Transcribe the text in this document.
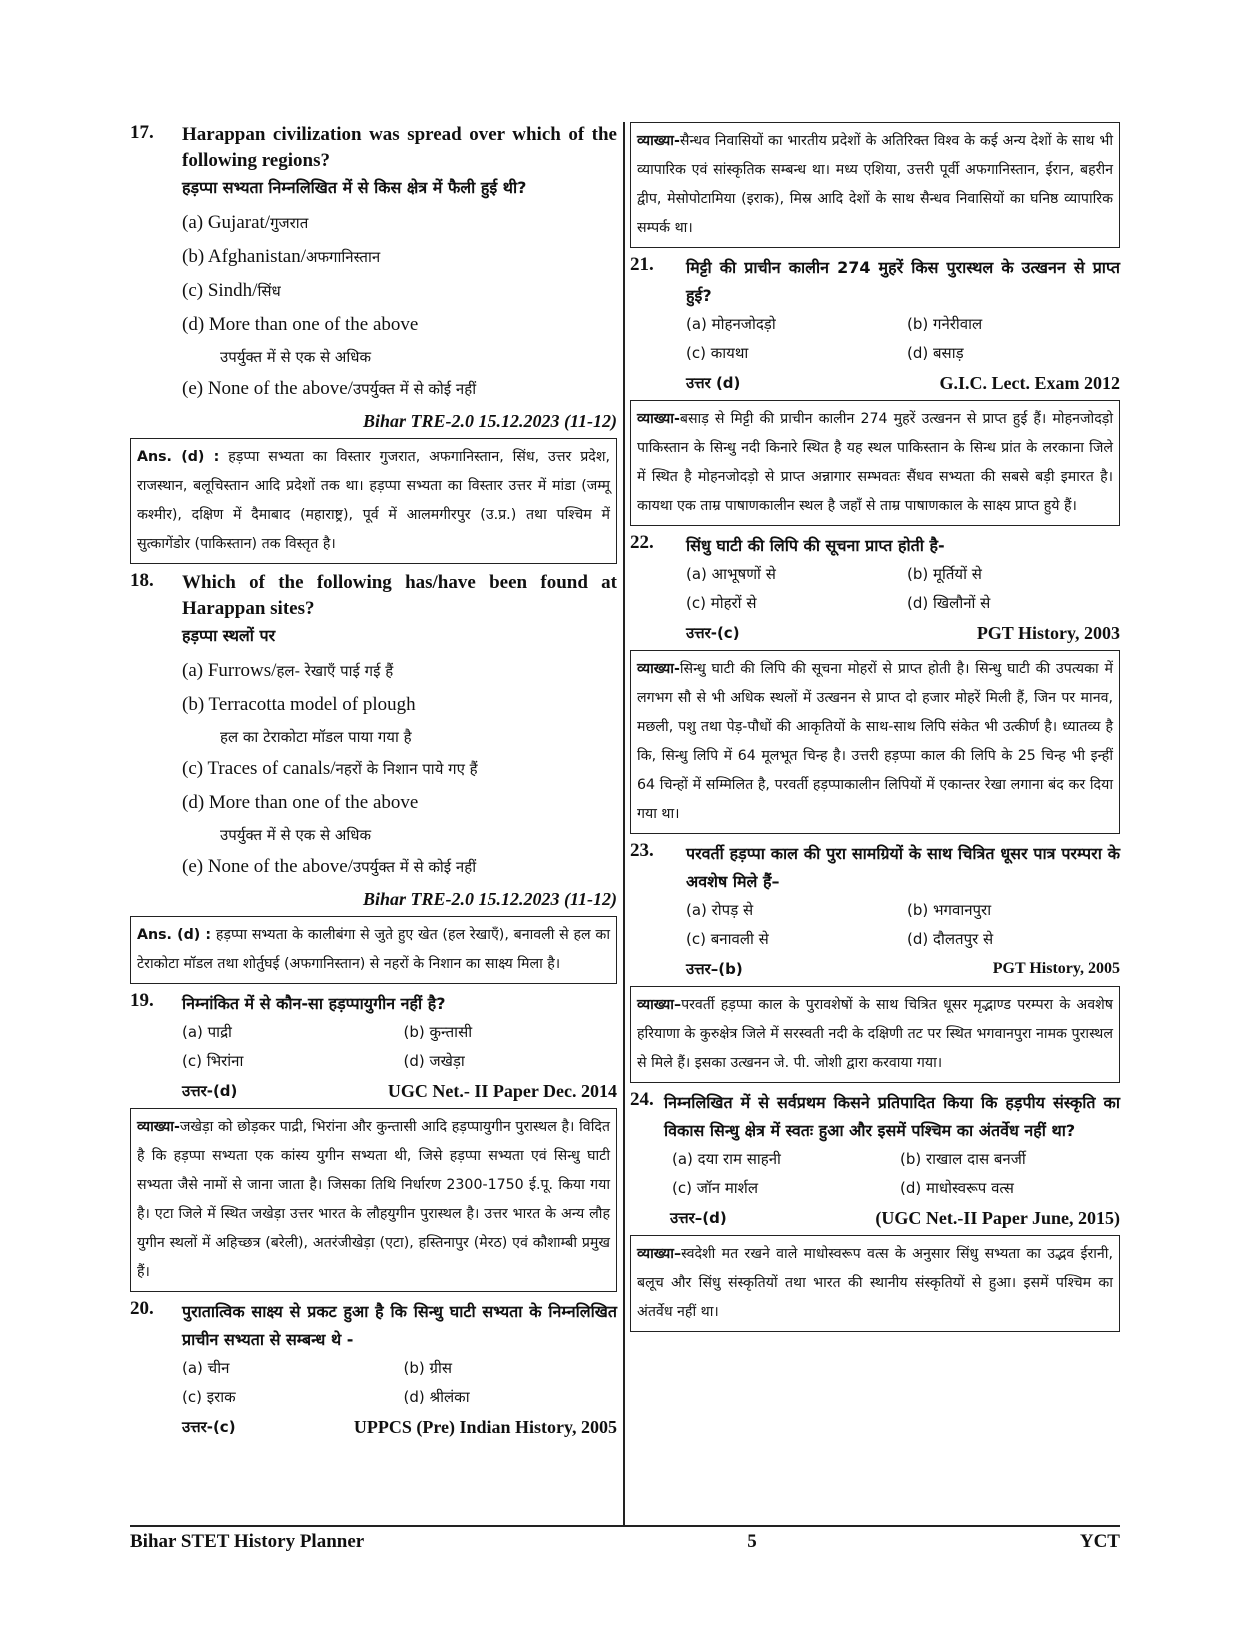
17. Harappan civilization was spread over which of the following regions?
हड़प्पा सभ्यता निम्नलिखित में से किस क्षेत्र में फैली हुई थी?
(a) Gujarat/गुजरात
(b) Afghanistan/अफगानिस्तान
(c) Sindh/सिंध
(d) More than one of the above
उपर्युक्त में से एक से अधिक
(e) None of the above/उपर्युक्त में से कोई नहीं
Bihar TRE-2.0 15.12.2023 (11-12)
Ans. (d) : हड़प्पा सभ्यता का विस्तार गुजरात, अफगानिस्तान, सिंध, उत्तर प्रदेश, राजस्थान, बलूचिस्तान आदि प्रदेशों तक था। हड़प्पा सभ्यता का विस्तार उत्तर में मांडा (जम्मू कश्मीर), दक्षिण में दैमाबाद (महाराष्ट्र), पूर्व में आलमगीरपुर (उ.प्र.) तथा पश्चिम में सुत्कागेंडोर (पाकिस्तान) तक विस्तृत है।
18. Which of the following has/have been found at Harappan sites?
हड़प्पा स्थलों पर
(a) Furrows/हल- रेखाएँ पाई गई हैं
(b) Terracotta model of plough
हल का टेराकोटा मॉडल पाया गया है
(c) Traces of canals/नहरों के निशान पाये गए हैं
(d) More than one of the above
उपर्युक्त में से एक से अधिक
(e) None of the above/उपर्युक्त में से कोई नहीं
Bihar TRE-2.0 15.12.2023 (11-12)
Ans. (d) : हड़प्पा सभ्यता के कालीबंगा से जुते हुए खेत (हल रेखाएँ), बनावली से हल का टेराकोटा मॉडल तथा शोर्तुघई (अफगानिस्तान) से नहरों के निशान का साक्ष्य मिला है।
19. निम्नांकित में से कौन-सा हड़प्पायुगीन नहीं है?
(a) पाद्री	(b) कुन्तासी
(c) भिरांना	(d) जखेड़ा
उत्तर-(d)	UGC Net.- II Paper Dec. 2014
व्याख्या-जखेड़ा को छोड़कर पाद्री, भिरांना और कुन्तासी आदि हड़प्पायुगीन पुरास्थल है। विदित है कि हड़प्पा सभ्यता एक कांस्य युगीन सभ्यता थी, जिसे हड़प्पा सभ्यता एवं सिन्धु घाटी सभ्यता जैसे नामों से जाना जाता है। जिसका तिथि निर्धारण 2300-1750 ई.पू. किया गया है। एटा जिले में स्थित जखेड़ा उत्तर भारत के लौहयुगीन पुरास्थल है। उत्तर भारत के अन्य लौह युगीन स्थलों में अहिच्छत्र (बरेली), अतरंजीखेड़ा (एटा), हस्तिनापुर (मेरठ) एवं कौशाम्बी प्रमुख हैं।
20. पुरातात्विक साक्ष्य से प्रकट हुआ है कि सिन्धु घाटी सभ्यता के निम्नलिखित प्राचीन सभ्यता से सम्बन्ध थे -
(a) चीन	(b) ग्रीस
(c) इराक	(d) श्रीलंका
उत्तर-(c)	UPPCS (Pre) Indian History, 2005
व्याख्या-सैन्धव निवासियों का भारतीय प्रदेशों के अतिरिक्त विश्व के कई अन्य देशों के साथ भी व्यापारिक एवं सांस्कृतिक सम्बन्ध था। मध्य एशिया, उत्तरी पूर्वी अफगानिस्तान, ईरान, बहरीन द्वीप, मेसोपोटामिया (इराक), मिस्र आदि देशों के साथ सैन्धव निवासियों का घनिष्ठ व्यापारिक सम्पर्क था।
21. मिट्टी की प्राचीन कालीन 274 मुहरें किस पुरास्थल के उत्खनन से प्राप्त हुई?
(a) मोहनजोदड़ो	(b) गनेरीवाल
(c) कायथा	(d) बसाड़
उत्तर (d)	G.I.C. Lect. Exam 2012
व्याख्या-बसाड़ से मिट्टी की प्राचीन कालीन 274 मुहरें उत्खनन से प्राप्त हुई हैं। मोहनजोदड़ो पाकिस्तान के सिन्धु नदी किनारे स्थित है यह स्थल पाकिस्तान के सिन्ध प्रांत के लरकाना जिले में स्थित है मोहनजोदड़ो से प्राप्त अन्नागार सम्भवतः सैंधव सभ्यता की सबसे बड़ी इमारत है। कायथा एक ताम्र पाषाणकालीन स्थल है जहाँ से ताम्र पाषाणकाल के साक्ष्य प्राप्त हुये हैं।
22. सिंधु घाटी की लिपि की सूचना प्राप्त होती है-
(a) आभूषणों से	(b) मूर्तियों से
(c) मोहरों से	(d) खिलौनों से
उत्तर-(c)	PGT History, 2003
व्याख्या-सिन्धु घाटी की लिपि की सूचना मोहरों से प्राप्त होती है। सिन्धु घाटी की उपत्यका में लगभग सौ से भी अधिक स्थलों में उत्खनन से प्राप्त दो हजार मोहरें मिली हैं, जिन पर मानव, मछली, पशु तथा पेड़-पौधों की आकृतियों के साथ-साथ लिपि संकेत भी उत्कीर्ण है। ध्यातव्य है कि, सिन्धु लिपि में 64 मूलभूत चिन्ह है। उत्तरी हड़प्पा काल की लिपि के 25 चिन्ह भी इन्हीं 64 चिन्हों में सम्मिलित है, परवर्ती हड़प्पाकालीन लिपियों में एकान्तर रेखा लगाना बंद कर दिया गया था।
23. परवर्ती हड़प्पा काल की पुरा सामग्रियों के साथ चित्रित धूसर पात्र परम्परा के अवशेष मिले हैं–
(a) रोपड़ से	(b) भगवानपुरा
(c) बनावली से	(d) दौलतपुर से
उत्तर–(b)	PGT History, 2005
व्याख्या–परवर्ती हड़प्पा काल के पुरावशेषों के साथ चित्रित धूसर मृद्भाण्ड परम्परा के अवशेष हरियाणा के कुरुक्षेत्र जिले में सरस्वती नदी के दक्षिणी तट पर स्थित भगवानपुरा नामक पुरास्थल से मिले हैं। इसका उत्खनन जे. पी. जोशी द्वारा करवाया गया।
24. निम्नलिखित में से सर्वप्रथम किसने प्रतिपादित किया कि हड़पीय संस्कृति का विकास सिन्धु क्षेत्र में स्वतः हुआ और इसमें पश्चिम का अंतर्वेध नहीं था?
(a) दया राम साहनी	(b) राखाल दास बनर्जी
(c) जॉन मार्शल	(d) माधोस्वरूप वत्स
उत्तर–(d)	(UGC Net.-II Paper June, 2015)
व्याख्या–स्वदेशी मत रखने वाले माधोस्वरूप वत्स के अनुसार सिंधु सभ्यता का उद्भव ईरानी, बलूच और सिंधु संस्कृतियों तथा भारत की स्थानीय संस्कृतियों से हुआ। इसमें पश्चिम का अंतर्वेध नहीं था।
Bihar STET History Planner	5	YCT
